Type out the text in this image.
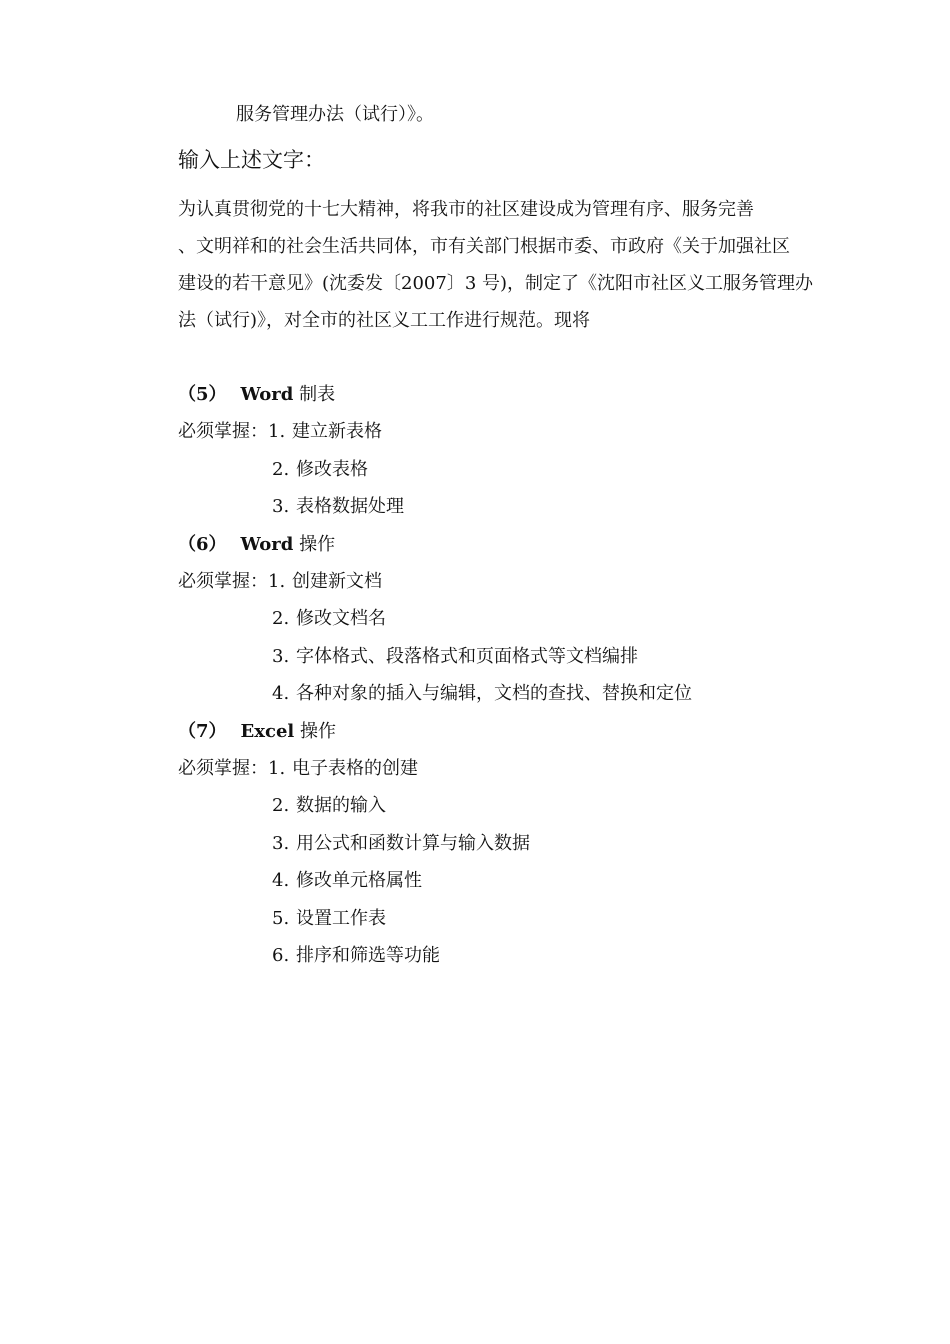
服务管理办法（试行）》。
输入上述文字：
为认真贯彻党的十七大精神，将我市的社区建设成为管理有序、服务完善
、文明祥和的社会生活共同体，市有关部门根据市委、市政府《关于加强社区
建设的若干意见》(沈委发〔2007〕3 号)，制定了《沈阳市社区义工服务管理办
法（试行)》，对全市的社区义工工作进行规范。现将
（5） Word 制表
必须掌握：1. 建立新表格
2. 修改表格
3. 表格数据处理
（6） Word 操作
必须掌握：1. 创建新文档
2. 修改文档名
3. 字体格式、段落格式和页面格式等文档编排
4. 各种对象的插入与编辑，文档的查找、替换和定位
（7） Excel 操作
必须掌握：1. 电子表格的创建
2. 数据的输入
3. 用公式和函数计算与输入数据
4. 修改单元格属性
5. 设置工作表
6. 排序和筛选等功能
